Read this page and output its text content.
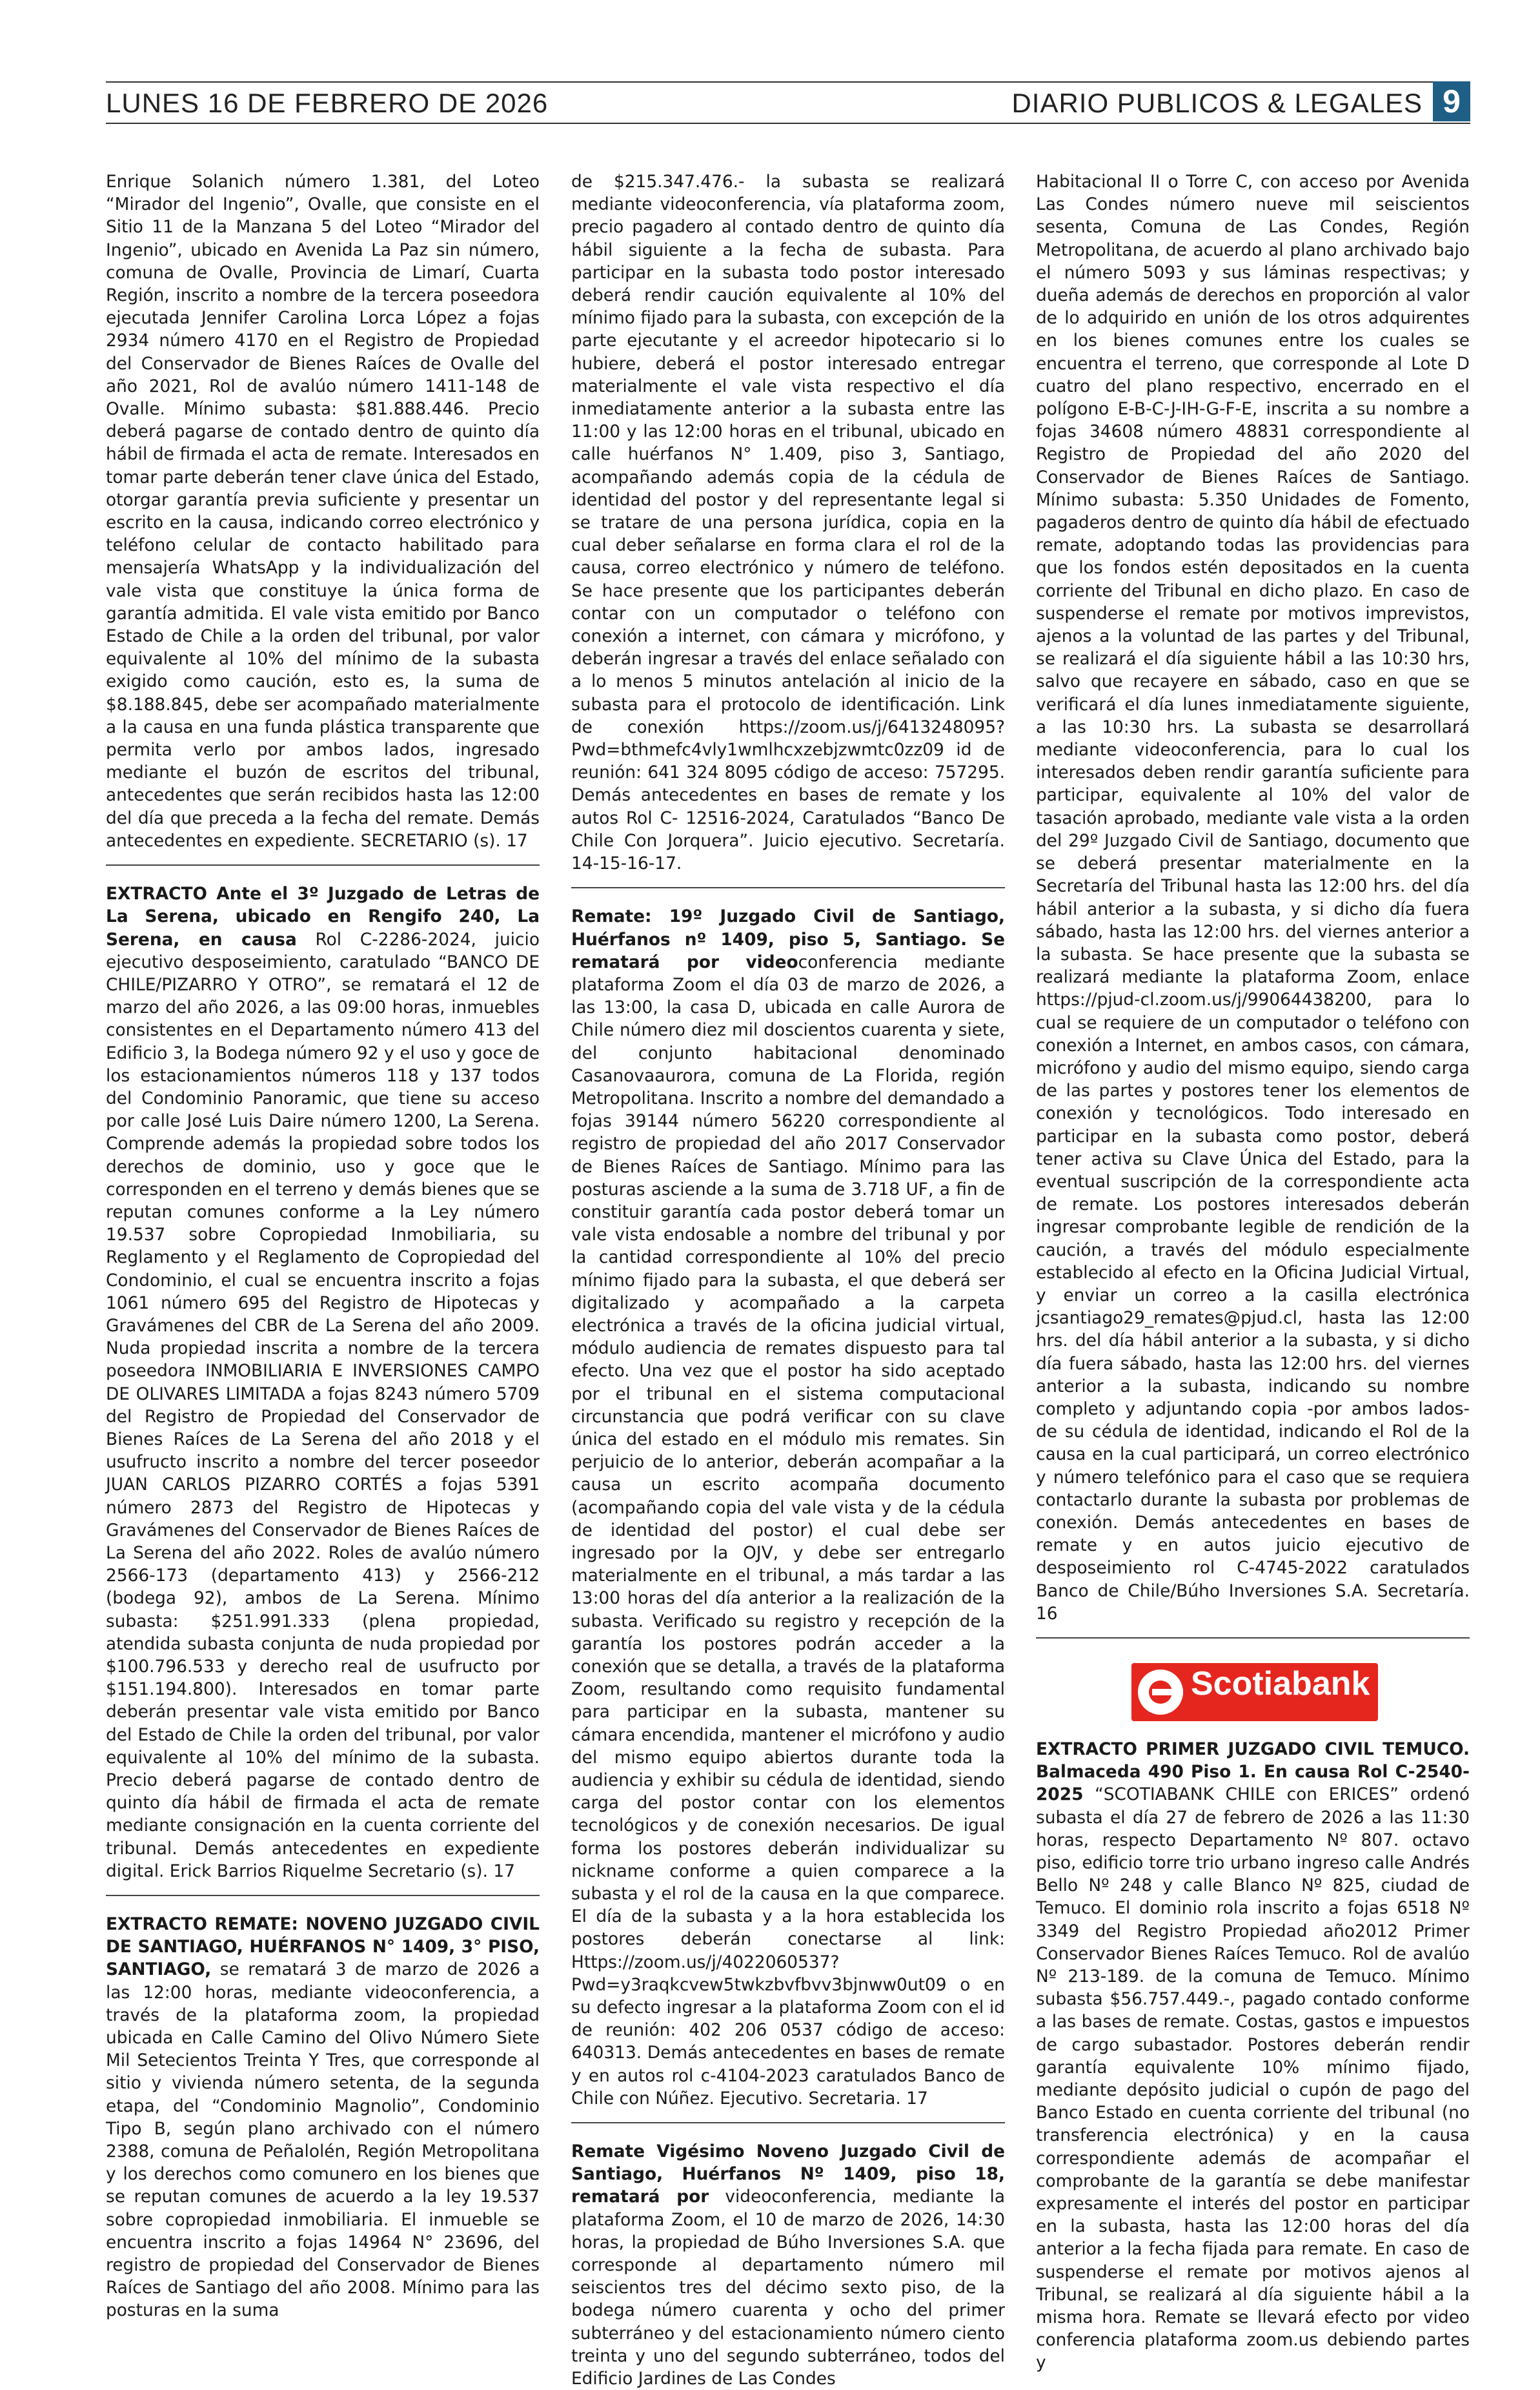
LUNES 16 DE FEBRERO DE 2026	DIARIO PUBLICOS & LEGALES 9

Enrique Solanich número 1.381, del Loteo “Mirador del Ingenio”, Ovalle, que consiste en el Sitio 11 de la Manzana 5 del Loteo “Mirador del Ingenio”, ubicado en Avenida La Paz sin número, comuna de Ovalle, Provincia de Limarí, Cuarta Región, inscrito a nombre de la tercera poseedora ejecutada Jennifer Carolina Lorca López a fojas 2934 número 4170 en el Registro de Propiedad del Conservador de Bienes Raíces de Ovalle del año 2021, Rol de avalúo número 1411-148 de Ovalle. Mínimo subasta: $81.888.446. Precio deberá pagarse de contado dentro de quinto día hábil de firmada el acta de remate. Interesados en tomar parte deberán tener clave única del Estado, otorgar garantía previa suficiente y presentar un escrito en la causa, indicando correo electrónico y teléfono celular de contacto habilitado para mensajería WhatsApp y la individualización del vale vista que constituye la única forma de garantía admitida. El vale vista emitido por Banco Estado de Chile a la orden del tribunal, por valor equivalente al 10% del mínimo de la subasta exigido como caución, esto es, la suma de $8.188.845, debe ser acompañado materialmente a la causa en una funda plástica transparente que permita verlo por ambos lados, ingresado mediante el buzón de escritos del tribunal, antecedentes que serán recibidos hasta las 12:00 del día que preceda a la fecha del remate. Demás antecedentes en expediente. SECRETARIO (s). 17

EXTRACTO Ante el 3º Juzgado de Letras de La Serena, ubicado en Rengifo 240, La Serena, en causa Rol C-2286-2024, juicio ejecutivo desposeimiento, caratulado “BANCO DE CHILE/PIZARRO Y OTRO”, se rematará el 12 de marzo del año 2026, a las 09:00 horas, inmuebles consistentes en el Departamento número 413 del Edificio 3, la Bodega número 92 y el uso y goce de los estacionamientos números 118 y 137 todos del Condominio Panoramic, que tiene su acceso por calle José Luis Daire número 1200, La Serena. Comprende además la propiedad sobre todos los derechos de dominio, uso y goce que le corresponden en el terreno y demás bienes que se reputan comunes conforme a la Ley número 19.537 sobre Copropiedad Inmobiliaria, su Reglamento y el Reglamento de Copropiedad del Condominio, el cual se encuentra inscrito a fojas 1061 número 695 del Registro de Hipotecas y Gravámenes del CBR de La Serena del año 2009. Nuda propiedad inscrita a nombre de la tercera poseedora INMOBILIARIA E INVERSIONES CAMPO DE OLIVARES LIMITADA a fojas 8243 número 5709 del Registro de Propiedad del Conservador de Bienes Raíces de La Serena del año 2018 y el usufructo inscrito a nombre del tercer poseedor JUAN CARLOS PIZARRO CORTÉS a fojas 5391 número 2873 del Registro de Hipotecas y Gravámenes del Conservador de Bienes Raíces de La Serena del año 2022. Roles de avalúo número 2566-173 (departamento 413) y 2566-212 (bodega 92), ambos de La Serena. Mínimo subasta: $251.991.333 (plena propiedad, atendida subasta conjunta de nuda propiedad por $100.796.533 y derecho real de usufructo por $151.194.800). Interesados en tomar parte deberán presentar vale vista emitido por Banco del Estado de Chile la orden del tribunal, por valor equivalente al 10% del mínimo de la subasta. Precio deberá pagarse de contado dentro de quinto día hábil de firmada el acta de remate mediante consignación en la cuenta corriente del tribunal. Demás antecedentes en expediente digital. Erick Barrios Riquelme Secretario (s). 17

EXTRACTO REMATE: NOVENO JUZGADO CIVIL DE SANTIAGO, HUÉRFANOS N° 1409, 3° PISO, SANTIAGO, se rematará 3 de marzo de 2026 a las 12:00 horas, mediante videoconferencia, a través de la plataforma zoom, la propiedad ubicada en Calle Camino del Olivo Número Siete Mil Setecientos Treinta Y Tres, que corresponde al sitio y vivienda número setenta, de la segunda etapa, del “Condominio Magnolio”, Condominio Tipo B, según plano archivado con el número 2388, comuna de Peñalolén, Región Metropolitana y los derechos como comunero en los bienes que se reputan comunes de acuerdo a la ley 19.537 sobre copropiedad inmobiliaria. El inmueble se encuentra inscrito a fojas 14964 N° 23696, del registro de propiedad del Conservador de Bienes Raíces de Santiago del año 2008. Mínimo para las posturas en la suma

de $215.347.476.- la subasta se realizará mediante videoconferencia, vía plataforma zoom, precio pagadero al contado dentro de quinto día hábil siguiente a la fecha de subasta. Para participar en la subasta todo postor interesado deberá rendir caución equivalente al 10% del mínimo fijado para la subasta, con excepción de la parte ejecutante y el acreedor hipotecario si lo hubiere, deberá el postor interesado entregar materialmente el vale vista respectivo el día inmediatamente anterior a la subasta entre las 11:00 y las 12:00 horas en el tribunal, ubicado en calle huérfanos N° 1.409, piso 3, Santiago, acompañando además copia de la cédula de identidad del postor y del representante legal si se tratare de una persona jurídica, copia en la cual deber señalarse en forma clara el rol de la causa, correo electrónico y número de teléfono. Se hace presente que los participantes deberán contar con un computador o teléfono con conexión a internet, con cámara y micrófono, y deberán ingresar a través del enlace señalado con a lo menos 5 minutos antelación al inicio de la subasta para el protocolo de identificación. Link de conexión https://zoom.us/j/6413248095?Pwd=bthmefc4vly1wmlhcxzebjzwmtc0zz09 id de reunión: 641 324 8095 código de acceso: 757295. Demás antecedentes en bases de remate y los autos Rol C- 12516-2024, Caratulados “Banco De Chile Con Jorquera”. Juicio ejecutivo. Secretaría. 14-15-16-17.

Remate: 19º Juzgado Civil de Santiago, Huérfanos nº 1409, piso 5, Santiago. Se rematará por videoconferencia mediante plataforma Zoom el día 03 de marzo de 2026, a las 13:00, la casa D, ubicada en calle Aurora de Chile número diez mil doscientos cuarenta y siete, del conjunto habitacional denominado Casanovaaurora, comuna de La Florida, región Metropolitana. Inscrito a nombre del demandado a fojas 39144 número 56220 correspondiente al registro de propiedad del año 2017 Conservador de Bienes Raíces de Santiago. Mínimo para las posturas asciende a la suma de 3.718 UF, a fin de constituir garantía cada postor deberá tomar un vale vista endosable a nombre del tribunal y por la cantidad correspondiente al 10% del precio mínimo fijado para la subasta, el que deberá ser digitalizado y acompañado a la carpeta electrónica a través de la oficina judicial virtual, módulo audiencia de remates dispuesto para tal efecto. Una vez que el postor ha sido aceptado por el tribunal en el sistema computacional circunstancia que podrá verificar con su clave única del estado en el módulo mis remates. Sin perjuicio de lo anterior, deberán acompañar a la causa un escrito acompaña documento (acompañando copia del vale vista y de la cédula de identidad del postor) el cual debe ser ingresado por la OJV, y debe ser entregarlo materialmente en el tribunal, a más tardar a las 13:00 horas del día anterior a la realización de la subasta. Verificado su registro y recepción de la garantía los postores podrán acceder a la conexión que se detalla, a través de la plataforma Zoom, resultando como requisito fundamental para participar en la subasta, mantener su cámara encendida, mantener el micrófono y audio del mismo equipo abiertos durante toda la audiencia y exhibir su cédula de identidad, siendo carga del postor contar con los elementos tecnológicos y de conexión necesarios. De igual forma los postores deberán individualizar su nickname conforme a quien comparece a la subasta y el rol de la causa en la que comparece. El día de la subasta y a la hora establecida los postores deberán conectarse al link: Https://zoom.us/j/4022060537?Pwd=y3raqkcvew5twkzbvfbvv3bjnww0ut09 o en su defecto ingresar a la plataforma Zoom con el id de reunión: 402 206 0537 código de acceso: 640313. Demás antecedentes en bases de remate y en autos rol c-4104-2023 caratulados Banco de Chile con Núñez. Ejecutivo. Secretaria. 17

Remate Vigésimo Noveno Juzgado Civil de Santiago, Huérfanos Nº 1409, piso 18, rematará por videoconferencia, mediante la plataforma Zoom, el 10 de marzo de 2026, 14:30 horas, la propiedad de Búho Inversiones S.A. que corresponde al departamento número mil seiscientos tres del décimo sexto piso, de la bodega número cuarenta y ocho del primer subterráneo y del estacionamiento número ciento treinta y uno del segundo subterráneo, todos del Edificio Jardines de Las Condes

Habitacional II o Torre C, con acceso por Avenida Las Condes número nueve mil seiscientos sesenta, Comuna de Las Condes, Región Metropolitana, de acuerdo al plano archivado bajo el número 5093 y sus láminas respectivas; y dueña además de derechos en proporción al valor de lo adquirido en unión de los otros adquirentes en los bienes comunes entre los cuales se encuentra el terreno, que corresponde al Lote D cuatro del plano respectivo, encerrado en el polígono E-B-C-J-IH-G-F-E, inscrita a su nombre a fojas 34608 número 48831 correspondiente al Registro de Propiedad del año 2020 del Conservador de Bienes Raíces de Santiago. Mínimo subasta: 5.350 Unidades de Fomento, pagaderos dentro de quinto día hábil de efectuado remate, adoptando todas las providencias para que los fondos estén depositados en la cuenta corriente del Tribunal en dicho plazo. En caso de suspenderse el remate por motivos imprevistos, ajenos a la voluntad de las partes y del Tribunal, se realizará el día siguiente hábil a las 10:30 hrs, salvo que recayere en sábado, caso en que se verificará el día lunes inmediatamente siguiente, a las 10:30 hrs. La subasta se desarrollará mediante videoconferencia, para lo cual los interesados deben rendir garantía suficiente para participar, equivalente al 10% del valor de tasación aprobado, mediante vale vista a la orden del 29º Juzgado Civil de Santiago, documento que se deberá presentar materialmente en la Secretaría del Tribunal hasta las 12:00 hrs. del día hábil anterior a la subasta, y si dicho día fuera sábado, hasta las 12:00 hrs. del viernes anterior a la subasta. Se hace presente que la subasta se realizará mediante la plataforma Zoom, enlace https://pjud-cl.zoom.us/j/99064438200, para lo cual se requiere de un computador o teléfono con conexión a Internet, en ambos casos, con cámara, micrófono y audio del mismo equipo, siendo carga de las partes y postores tener los elementos de conexión y tecnológicos. Todo interesado en participar en la subasta como postor, deberá tener activa su Clave Única del Estado, para la eventual suscripción de la correspondiente acta de remate. Los postores interesados deberán ingresar comprobante legible de rendición de la caución, a través del módulo especialmente establecido al efecto en la Oficina Judicial Virtual, y enviar un correo a la casilla electrónica jcsantiago29_remates@pjud.cl, hasta las 12:00 hrs. del día hábil anterior a la subasta, y si dicho día fuera sábado, hasta las 12:00 hrs. del viernes anterior a la subasta, indicando su nombre completo y adjuntando copia -por ambos lados- de su cédula de identidad, indicando el Rol de la causa en la cual participará, un correo electrónico y número telefónico para el caso que se requiera contactarlo durante la subasta por problemas de conexión. Demás antecedentes en bases de remate y en autos juicio ejecutivo de desposeimiento rol C-4745-2022 caratulados Banco de Chile/Búho Inversiones S.A. Secretaría. 16

Scotiabank

EXTRACTO PRIMER JUZGADO CIVIL TEMUCO. Balmaceda 490 Piso 1. En causa Rol C-2540-2025 “SCOTIABANK CHILE con ERICES” ordenó subasta el día 27 de febrero de 2026 a las 11:30 horas, respecto Departamento Nº 807. octavo piso, edificio torre trio urbano ingreso calle Andrés Bello Nº 248 y calle Blanco Nº 825, ciudad de Temuco. El dominio rola inscrito a fojas 6518 Nº 3349 del Registro Propiedad año2012 Primer Conservador Bienes Raíces Temuco. Rol de avalúo Nº 213-189. de la comuna de Temuco. Mínimo subasta $56.757.449.-, pagado contado conforme a las bases de remate. Costas, gastos e impuestos de cargo subastador. Postores deberán rendir garantía equivalente 10% mínimo fijado, mediante depósito judicial o cupón de pago del Banco Estado en cuenta corriente del tribunal (no transferencia electrónica) y en la causa correspondiente además de acompañar el comprobante de la garantía se debe manifestar expresamente el interés del postor en participar en la subasta, hasta las 12:00 horas del día anterior a la fecha fijada para remate. En caso de suspenderse el remate por motivos ajenos al Tribunal, se realizará al día siguiente hábil a la misma hora. Remate se llevará efecto por video conferencia plataforma zoom.us debiendo partes y
